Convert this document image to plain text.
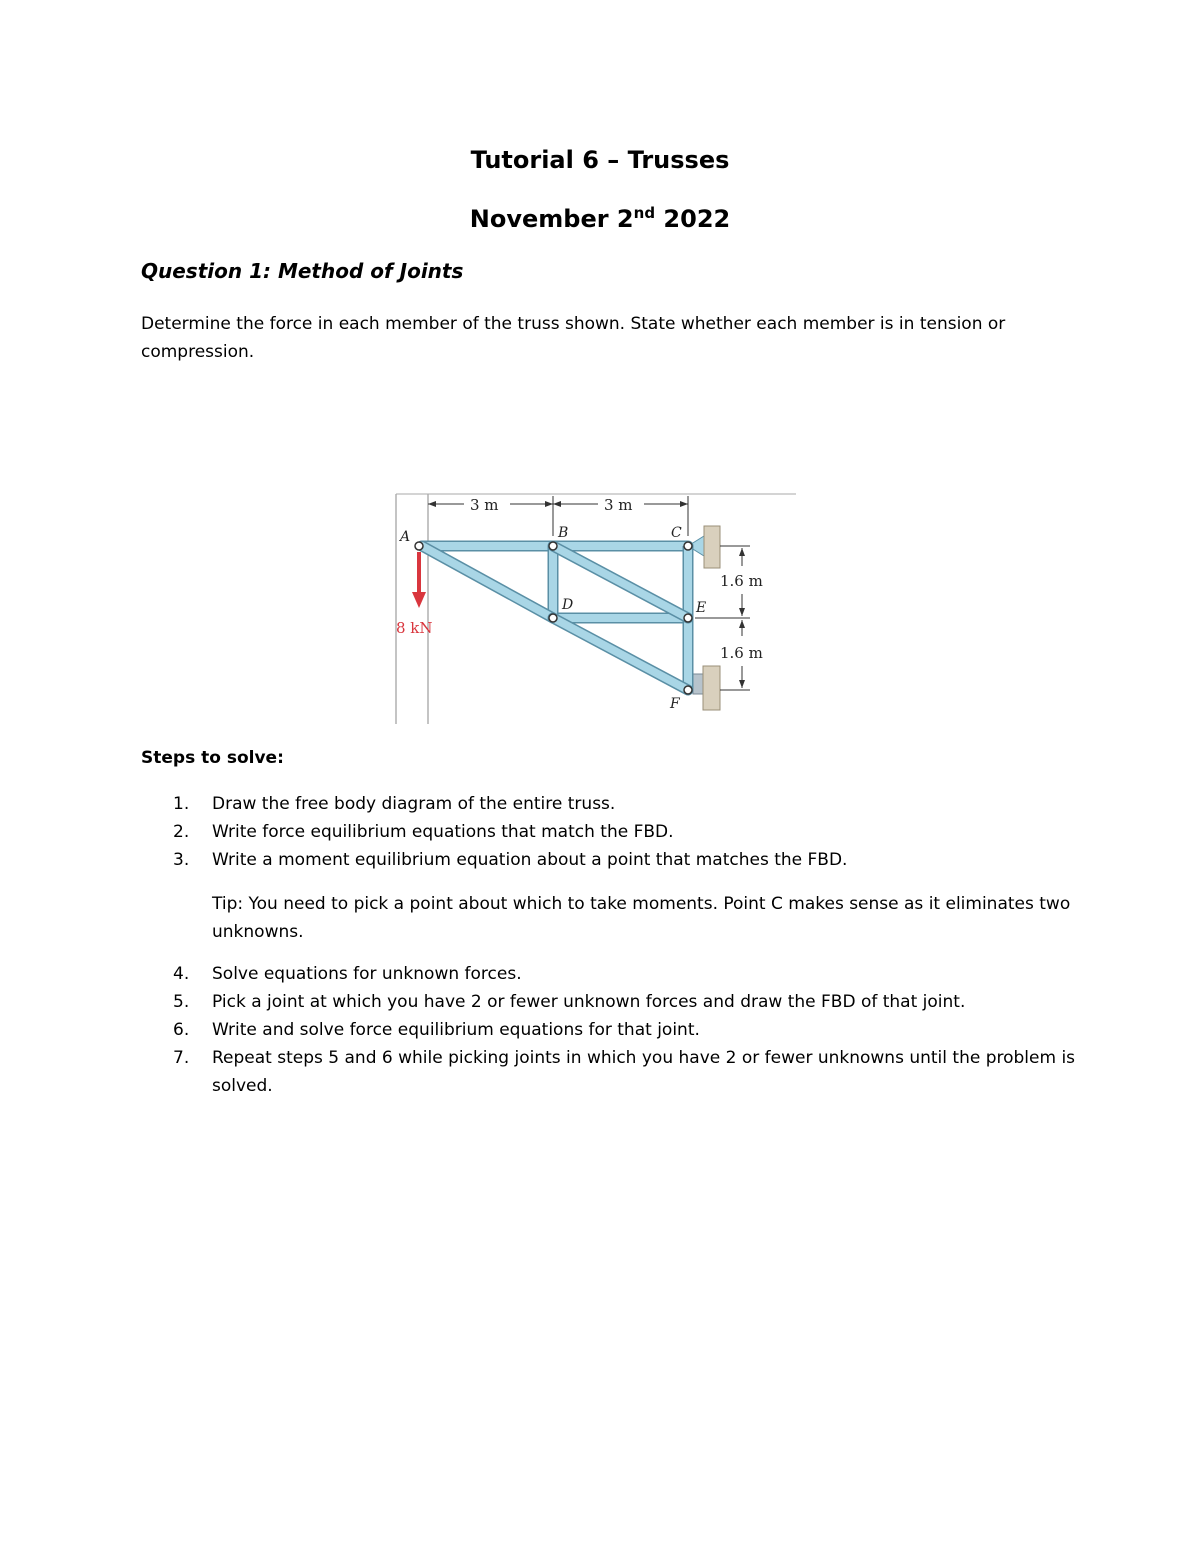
Tutorial 6 – Trusses
November 2nd 2022
Question 1: Method of Joints
Determine the force in each member of the truss shown. State whether each member is in tension or compression.
3 m	3 m
A	B	C
D	E
F
8 kN
1.6 m
1.6 m
Steps to solve:
1. Draw the free body diagram of the entire truss.
2. Write force equilibrium equations that match the FBD.
3. Write a moment equilibrium equation about a point that matches the FBD.
Tip: You need to pick a point about which to take moments. Point C makes sense as it eliminates two unknowns.
4. Solve equations for unknown forces.
5. Pick a joint at which you have 2 or fewer unknown forces and draw the FBD of that joint.
6. Write and solve force equilibrium equations for that joint.
7. Repeat steps 5 and 6 while picking joints in which you have 2 or fewer unknowns until the problem is solved.
